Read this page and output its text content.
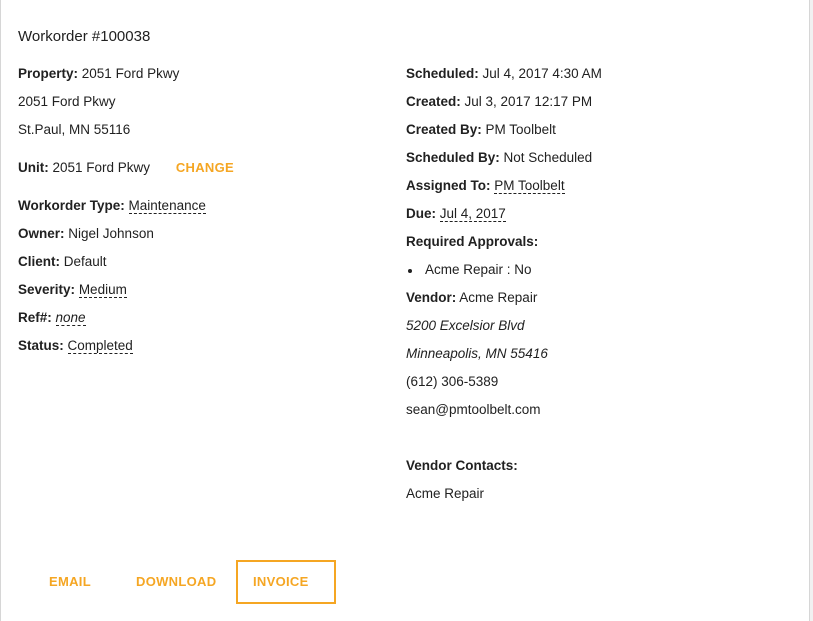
Workorder #100038
Property: 2051 Ford Pkwy
2051 Ford Pkwy
St.Paul, MN 55116
Unit: 2051 Ford Pkwy CHANGE
Workorder Type: Maintenance
Owner: Nigel Johnson
Client: Default
Severity: Medium
Ref#: none
Status: Completed
Scheduled: Jul 4, 2017 4:30 AM
Created: Jul 3, 2017 12:17 PM
Created By: PM Toolbelt
Scheduled By: Not Scheduled
Assigned To: PM Toolbelt
Due: Jul 4, 2017
Required Approvals:
Acme Repair : No
Vendor: Acme Repair
5200 Excelsior Blvd
Minneapolis, MN 55416
(612) 306-5389
sean@pmtoolbelt.com
Vendor Contacts:
Acme Repair
EMAIL	DOWNLOAD	INVOICE
